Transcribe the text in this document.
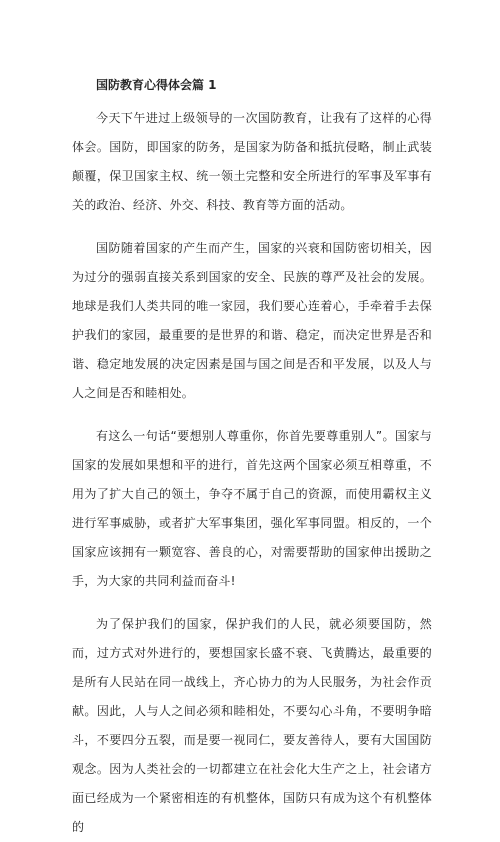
国防教育心得体会篇 1

今天下午进过上级领导的一次国防教育，让我有了这样的心得体会。国防，即国家的防务，是国家为防备和抵抗侵略，制止武装颠覆，保卫国家主权、统一领土完整和安全所进行的军事及军事有关的政治、经济、外交、科技、教育等方面的活动。

国防随着国家的产生而产生，国家的兴衰和国防密切相关，因为过分的强弱直接关系到国家的安全、民族的尊严及社会的发展。 地球是我们人类共同的唯一家园，我们要心连着心，手牵着手去保护我们的家园，最重要的是世界的和谐、稳定，而决定世界是否和谐、稳定地发展的决定因素是国与国之间是否和平发展，以及人与人之间是否和睦相处。

有这么一句话“要想别人尊重你，你首先要尊重别人”。国家与国家的发展如果想和平的进行，首先这两个国家必须互相尊重，不用为了扩大自己的领土，争夺不属于自己的资源，而使用霸权主义进行军事威胁，或者扩大军事集团，强化军事同盟。相反的，一个国家应该拥有一颗宽容、善良的心，对需要帮助的国家伸出援助之手，为大家的共同利益而奋斗!

为了保护我们的国家，保护我们的人民，就必须要国防，然而，过方式对外进行的，要想国家长盛不衰、飞黄腾达，最重要的是所有人民站在同一战线上，齐心协力的为人民服务，为社会作贡献。因此，人与人之间必须和睦相处，不要勾心斗角，不要明争暗斗，不要四分五裂，而是要一视同仁，要友善待人，要有大国国防观念。因为人类社会的一切都建立在社会化大生产之上，社会诸方面已经成为一个紧密相连的有机整体，国防只有成为这个有机整体的
